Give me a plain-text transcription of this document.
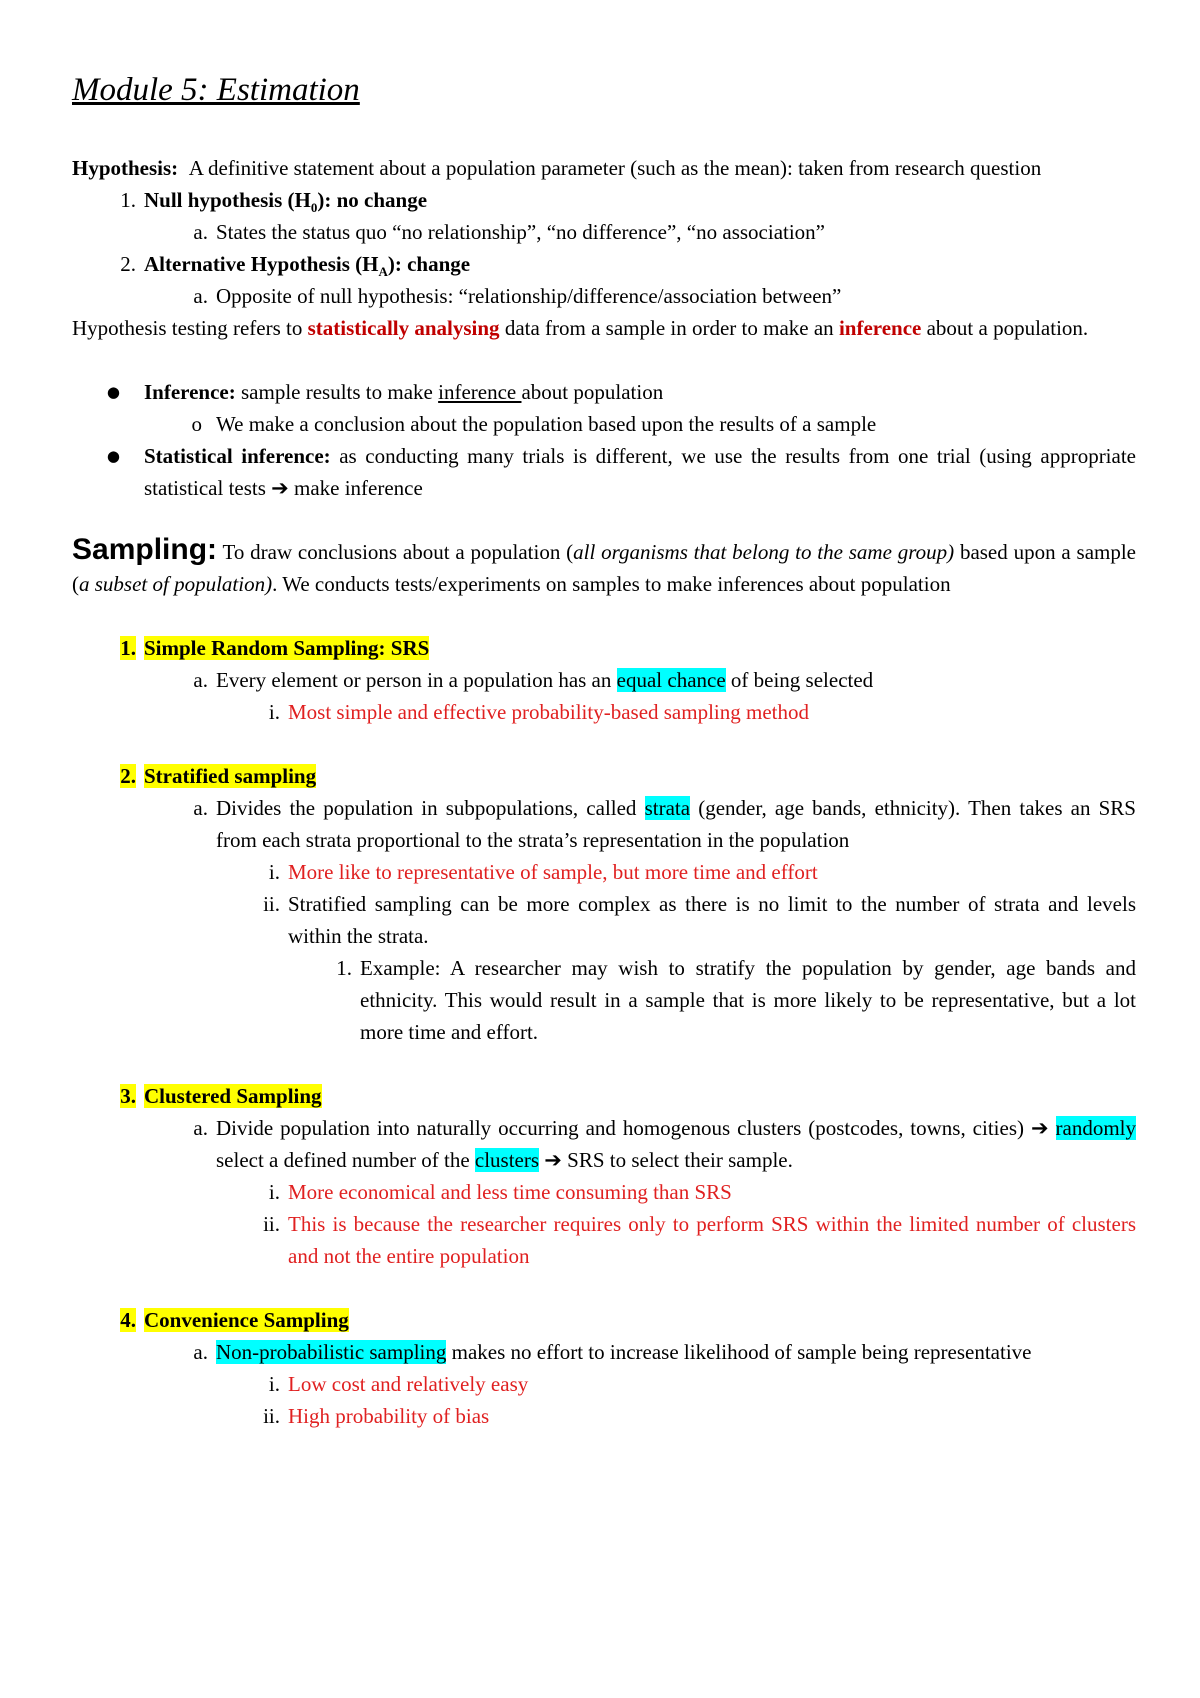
Module 5: Estimation

Hypothesis: A definitive statement about a population parameter (such as the mean): taken from research question

1. Null hypothesis $(H_0)$: no change
a. States the status quo “no relationship”, “no difference”, “no association”
2. Alternative Hypothesis $(H_A)$: change
a. Opposite of null hypothesis: “relationship/difference/association between”

Hypothesis testing refers to statistically analysing data from a sample in order to make an inference about a population.

●	Inference: sample results to make inference about population
o We make a conclusion about the population based upon the results of a sample
●	Statistical inference: as conducting many trials is different, we use the results from one trial (using appropriate statistical tests ➔ make inference

Sampling: To draw conclusions about a population (all organisms that belong to the same group) based upon a sample (a subset of population). We conducts tests/experiments on samples to make inferences about population

1. Simple Random Sampling: SRS
a. Every element or person in a population has an equal chance of being selected
i. Most simple and effective probability-based sampling method
2. Stratified sampling
a. Divides the population in subpopulations, called strata (gender, age bands, ethnicity). Then takes an SRS from each strata proportional to the strata’s representation in the population
i. More like to representative of sample, but more time and effort
ii. Stratified sampling can be more complex as there is no limit to the number of strata and levels within the strata.
1. Example: A researcher may wish to stratify the population by gender, age bands and ethnicity. This would result in a sample that is more likely to be representative, but a lot more time and effort.
3. Clustered Sampling
a. Divide population into naturally occurring and homogenous clusters (postcodes, towns, cities) ➔ randomly select a defined number of the clusters ➔ SRS to select their sample.
i. More economical and less time consuming than SRS
ii. This is because the researcher requires only to perform SRS within the limited number of clusters and not the entire population
4. Convenience Sampling
a. Non-probabilistic sampling makes no effort to increase likelihood of sample being representative
i. Low cost and relatively easy
ii. High probability of bias
